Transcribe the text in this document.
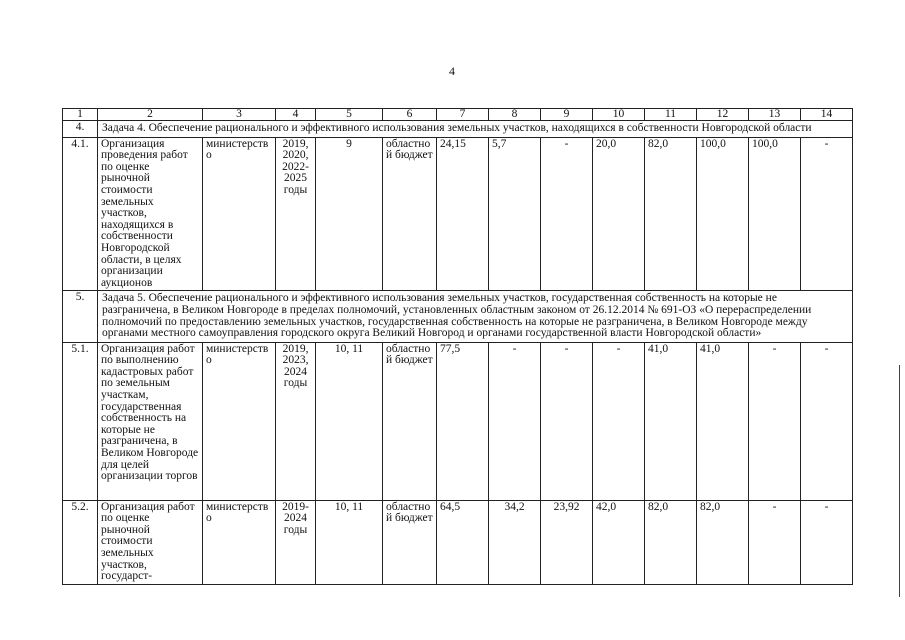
4
1	2	3	4	5	6	7	8	9	10	11	12	13	14
4.	Задача 4. Обеспечение рационального и эффективного использования земельных участков, находящихся в собственности Новгородской области												
4.1.	Организация проведения работ по оценке рыночной стоимости земельных участков, находящихся в собственности Новгородской области, в целях организации аукционов	министерство	2019, 2020, 2022-2025 годы	9	областной бюджет	24,15	5,7	-	20,0	82,0	100,0	100,0	-
5.	Задача 5. Обеспечение рационального и эффективного использования земельных участков, государственная собственность на которые не разграничена, в Великом Новгороде в пределах полномочий, установленных областным законом от 26.12.2014 № 691-ОЗ «О перераспределении полномочий по предоставлению земельных участков, государственная собственность на которые не разграничена, в Великом Новгороде между органами местного самоуправления городского округа Великий Новгород и органами государственной власти Новгородской области»												
5.1.	Организация работ по выполнению кадастровых работ по земельным участкам, государственная собственность на которые не разграничена, в Великом Новгороде для целей организации торгов	министерство	2019, 2023, 2024 годы	10, 11	областной бюджет	77,5	-	-	-	41,0	41,0	-	-
5.2.	Организация работ по оценке рыночной стоимости земельных участков, государст-	министерство	2019-2024 годы	10, 11	областной бюджет	64,5	34,2	23,92	42,0	82,0	82,0	-	-
